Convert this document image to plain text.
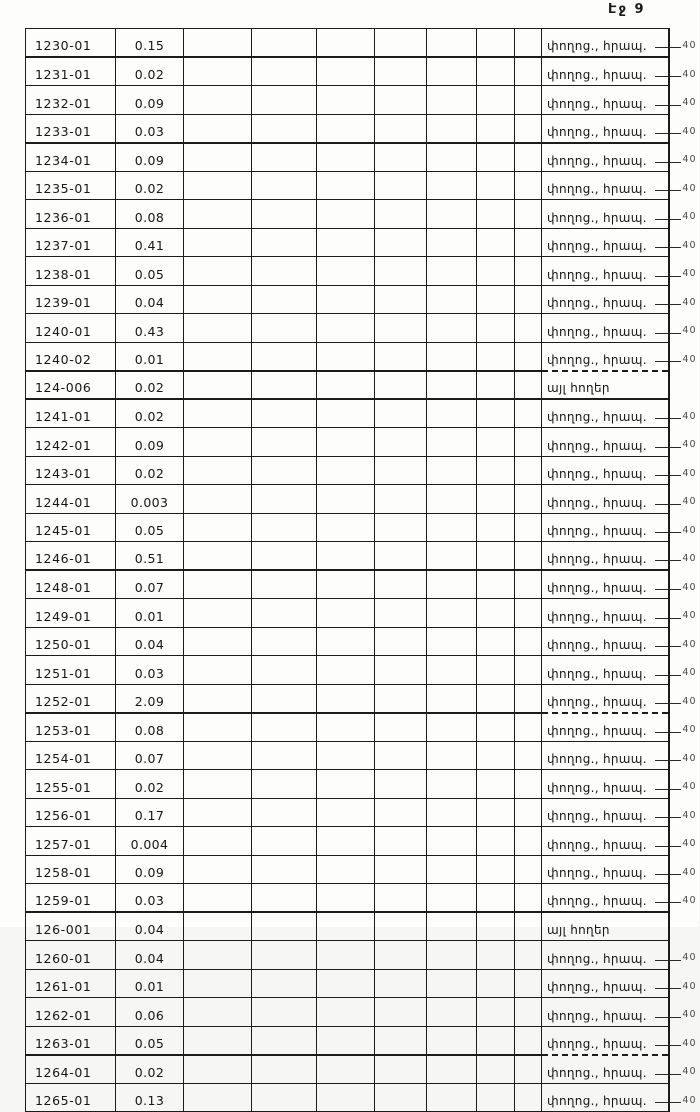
Էջ 9
1230-01	0.15								փողոց., հրապ.	40
1231-01	0.02								փողոց., հրապ.	40
1232-01	0.09								փողոց., հրապ.	40
1233-01	0.03								փողոց., հրապ.	40
1234-01	0.09								փողոց., հրապ.	40
1235-01	0.02								փողոց., հրապ.	40
1236-01	0.08								փողոց., հրապ.	40
1237-01	0.41								փողոց., հրապ.	40
1238-01	0.05								փողոց., հրապ.	40
1239-01	0.04								փողոց., հրապ.	40
1240-01	0.43								փողոց., հրապ.	40
1240-02	0.01								փողոց., հրապ.	40
124-006	0.02								այլ հողեր	
1241-01	0.02								փողոց., հրապ.	40
1242-01	0.09								փողոց., հրապ.	40
1243-01	0.02								փողոց., հրապ.	40
1244-01	0.003								փողոց., հրապ.	40
1245-01	0.05								փողոց., հրապ.	40
1246-01	0.51								փողոց., հրապ.	40
1248-01	0.07								փողոց., հրապ.	40
1249-01	0.01								փողոց., հրապ.	40
1250-01	0.04								փողոց., հրապ.	40
1251-01	0.03								փողոց., հրապ.	40
1252-01	2.09								փողոց., հրապ.	40
1253-01	0.08								փողոց., հրապ.	40
1254-01	0.07								փողոց., հրապ.	40
1255-01	0.02								փողոց., հրապ.	40
1256-01	0.17								փողոց., հրապ.	40
1257-01	0.004								փողոց., հրապ.	40
1258-01	0.09								փողոց., հրապ.	40
1259-01	0.03								փողոց., հրապ.	40
126-001	0.04								այլ հողեր	
1260-01	0.04								փողոց., հրապ.	40
1261-01	0.01								փողոց., հրապ.	40
1262-01	0.06								փողոց., հրապ.	40
1263-01	0.05								փողոց., հրապ.	40
1264-01	0.02								փողոց., հրապ.	40
1265-01	0.13								փողոց., հրապ.	40
